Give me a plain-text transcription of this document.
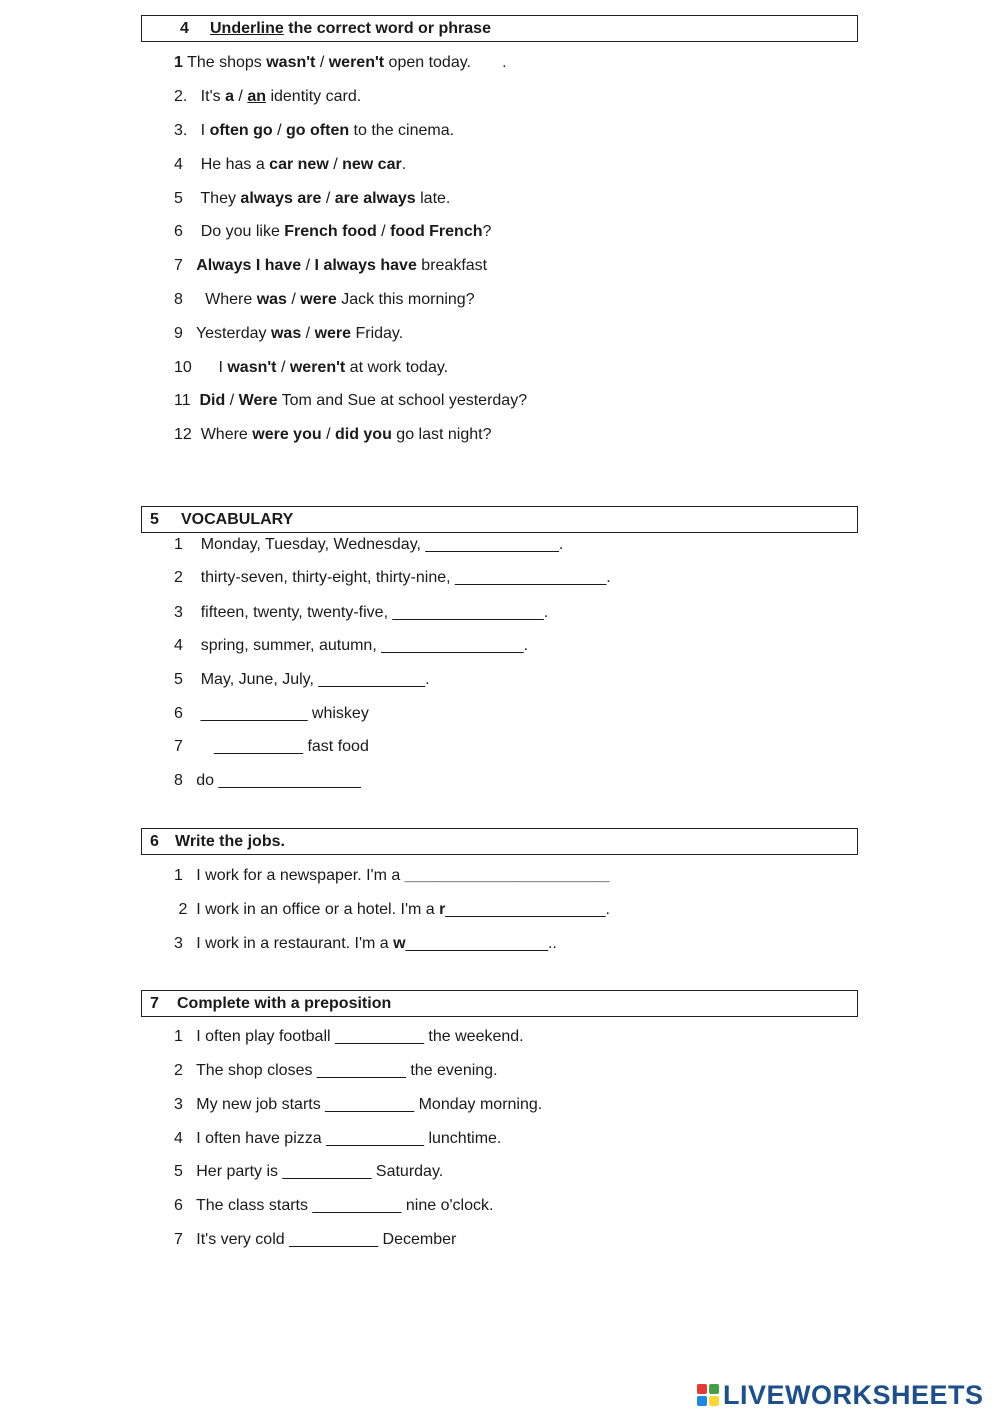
4 Underline the correct word or phrase
1 The shops wasn't / weren't open today.       .
2.   It's a / an identity card.
3.   I often go / go often to the cinema.
4    He has a car new / new car.
5    They always are / are always late.
6    Do you like French food / food French?
7 Always I have / I always have breakfast
8     Where was / were Jack this morning?
9   Yesterday was / were Friday.
10      I wasn't / weren't at work today.
11 Did / Were Tom and Sue at school yesterday?
12  Where were you / did you go last night?
5 VOCABULARY
1    Monday, Tuesday, Wednesday, _______________.
2    thirty-seven, thirty-eight, thirty-nine, _________________.
3    fifteen, twenty, twenty-five, _________________.
4    spring, summer, autumn, ________________.
5    May, June, July, ____________.
6 ____________ whiskey
7 __________ fast food
8   do ________________
6 Write the jobs.
1   I work for a newspaper. I'm a _______________________
2  I work in an office or a hotel. I'm a r__________________.
3   I work in a restaurant. I'm a w________________..
7 Complete with a preposition
1   I often play football __________ the weekend.
2   The shop closes __________ the evening.
3   My new job starts __________ Monday morning.
4   I often have pizza ___________ lunchtime.
5   Her party is __________ Saturday.
6   The class starts __________ nine o'clock.
7   It's very cold __________ December
LIVEWORKSHEETS
